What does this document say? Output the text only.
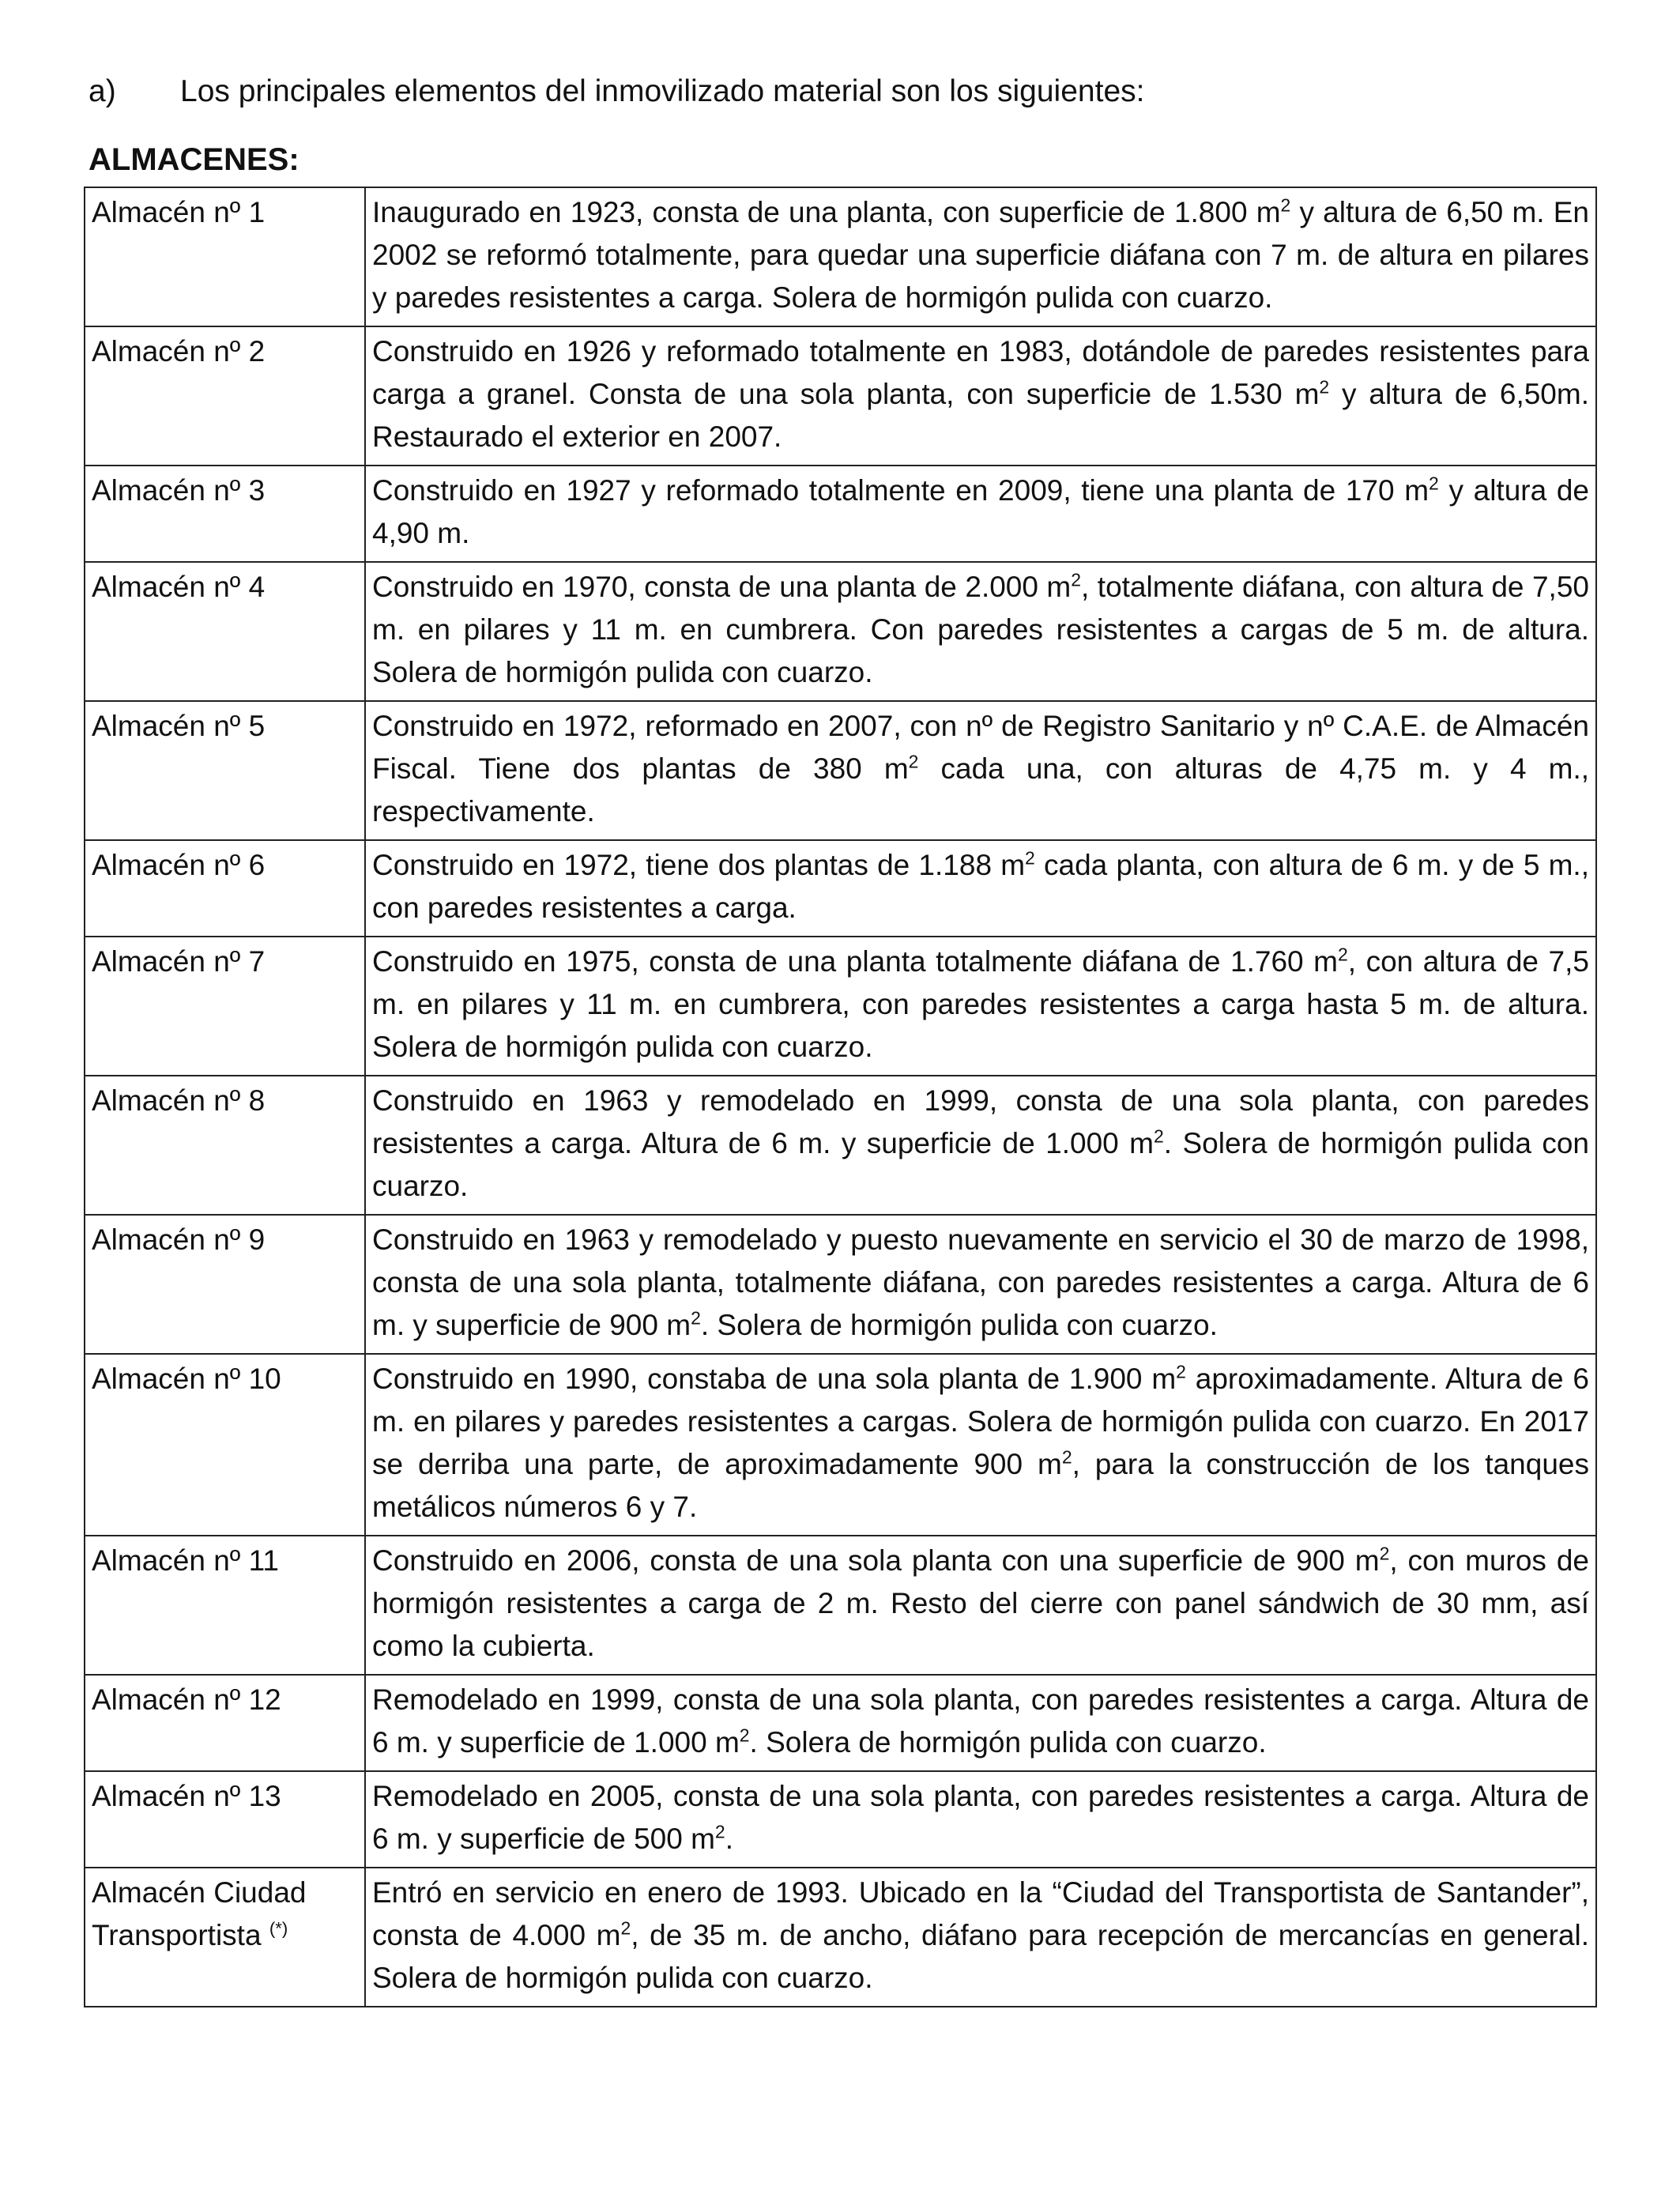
a) Los principales elementos del inmovilizado material son los siguientes:
ALMACENES:
Almacén nº 1	Inaugurado en 1923, consta de una planta, con superficie de 1.800 $m^2$ y altura de 6,50 m. En 2002 se reformó totalmente, para quedar una superficie diáfana con 7 m. de altura en pilares y paredes resistentes a carga. Solera de hormigón pulida con cuarzo.
Almacén nº 2	Construido en 1926 y reformado totalmente en 1983, dotándole de paredes resistentes para carga a granel. Consta de una sola planta, con superficie de 1.530 $m^2$ y altura de 6,50m. Restaurado el exterior en 2007.
Almacén nº 3	Construido en 1927 y reformado totalmente en 2009, tiene una planta de 170 $m^2$ y altura de 4,90 m.
Almacén nº 4	Construido en 1970, consta de una planta de 2.000 $m^2$, totalmente diáfana, con altura de 7,50 m. en pilares y 11 m. en cumbrera. Con paredes resistentes a cargas de 5 m. de altura. Solera de hormigón pulida con cuarzo.
Almacén nº 5	Construido en 1972, reformado en 2007, con nº de Registro Sanitario y nº C.A.E. de Almacén Fiscal. Tiene dos plantas de 380 $m^2$ cada una, con alturas de 4,75 m. y 4 m., respectivamente.
Almacén nº 6	Construido en 1972, tiene dos plantas de 1.188 $m^2$ cada planta, con altura de 6 m. y de 5 m., con paredes resistentes a carga.
Almacén nº 7	Construido en 1975, consta de una planta totalmente diáfana de 1.760 $m^2$, con altura de 7,5 m. en pilares y 11 m. en cumbrera, con paredes resistentes a carga hasta 5 m. de altura. Solera de hormigón pulida con cuarzo.
Almacén nº 8	Construido en 1963 y remodelado en 1999, consta de una sola planta, con paredes resistentes a carga. Altura de 6 m. y superficie de 1.000 $m^2$. Solera de hormigón pulida con cuarzo.
Almacén nº 9	Construido en 1963 y remodelado y puesto nuevamente en servicio el 30 de marzo de 1998, consta de una sola planta, totalmente diáfana, con paredes resistentes a carga. Altura de 6 m. y superficie de 900 $m^2$. Solera de hormigón pulida con cuarzo.
Almacén nº 10	Construido en 1990, constaba de una sola planta de 1.900 $m^2$ aproximadamente. Altura de 6 m. en pilares y paredes resistentes a cargas. Solera de hormigón pulida con cuarzo. En 2017 se derriba una parte, de aproximadamente 900 $m^2$, para la construcción de los tanques metálicos números 6 y 7.
Almacén nº 11	Construido en 2006, consta de una sola planta con una superficie de 900 $m^2$, con muros de hormigón resistentes a carga de 2 m. Resto del cierre con panel sándwich de 30 mm, así como la cubierta.
Almacén nº 12	Remodelado en 1999, consta de una sola planta, con paredes resistentes a carga. Altura de 6 m. y superficie de 1.000 $m^2$. Solera de hormigón pulida con cuarzo.
Almacén nº 13	Remodelado en 2005, consta de una sola planta, con paredes resistentes a carga. Altura de 6 m. y superficie de 500 $m^2$.
Almacén Ciudad
Transportista (*)	Entró en servicio en enero de 1993. Ubicado en la “Ciudad del Transportista de Santander”, consta de 4.000 $m^2$, de 35 m. de ancho, diáfano para recepción de mercancías en general. Solera de hormigón pulida con cuarzo.
